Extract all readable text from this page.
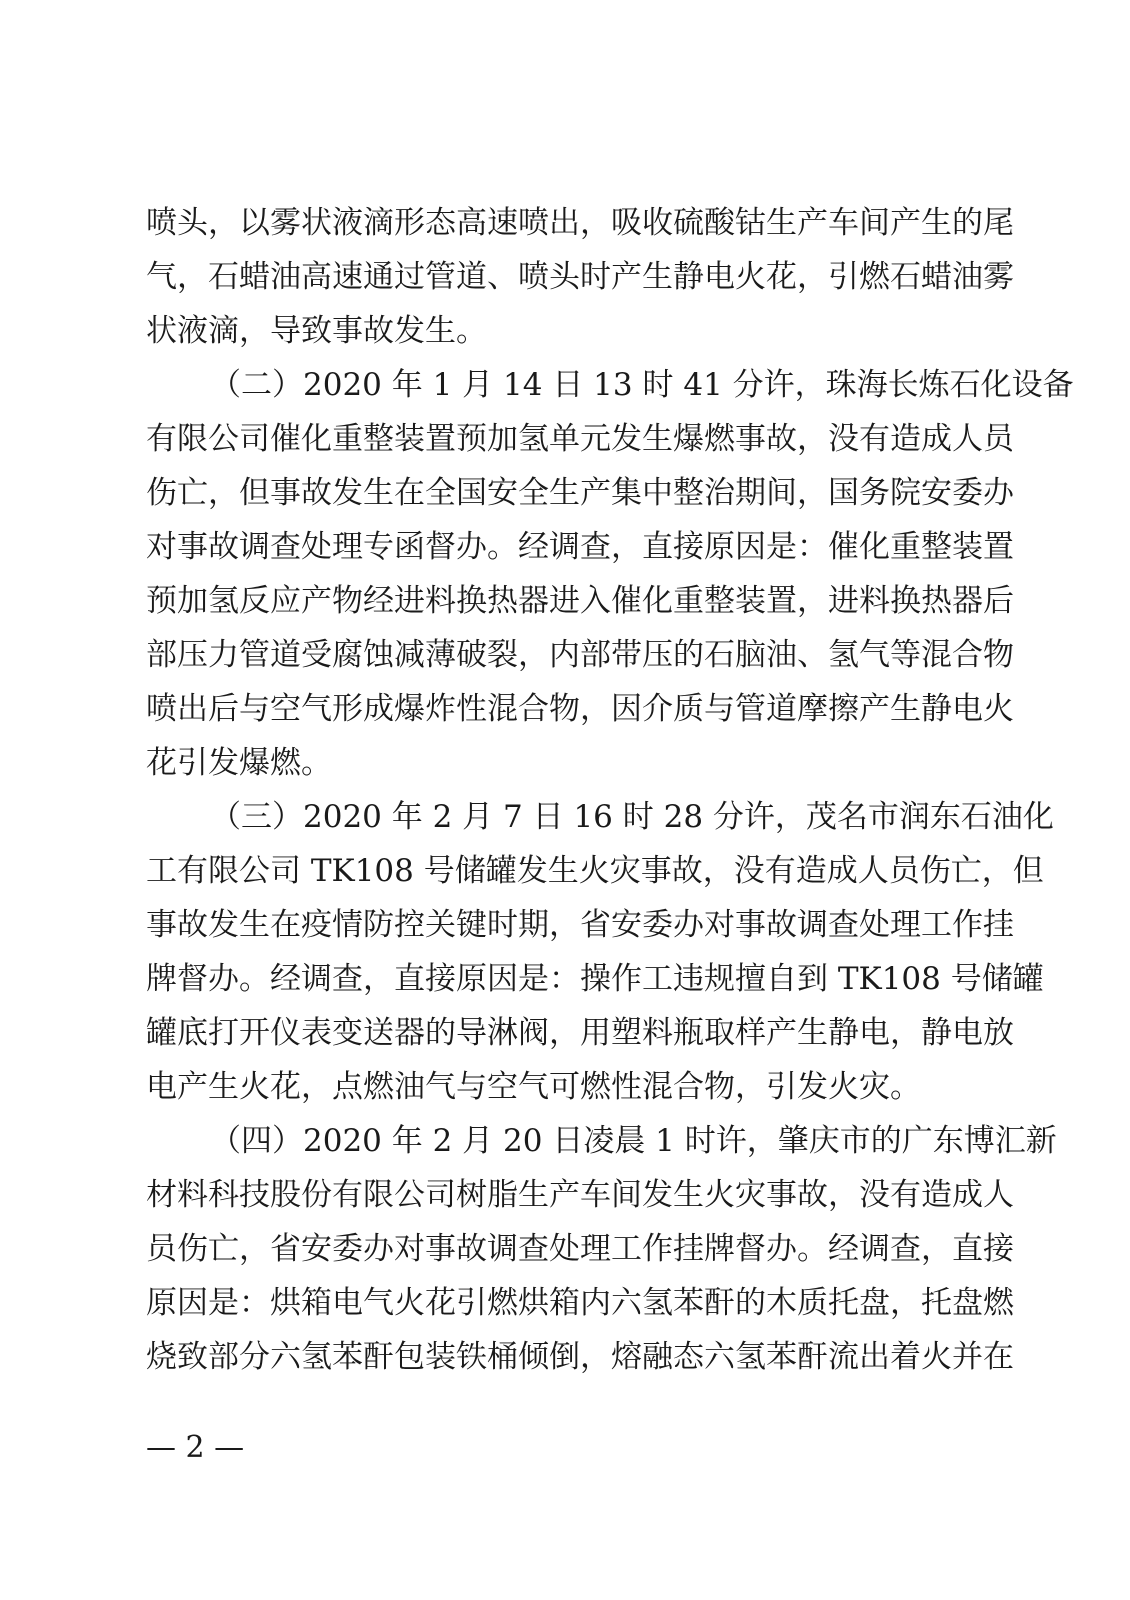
喷头，以雾状液滴形态高速喷出，吸收硫酸钴生产车间产生的尾
气，石蜡油高速通过管道、喷头时产生静电火花，引燃石蜡油雾
状液滴，导致事故发生。
（二）2020 年 1 月 14 日 13 时 41 分许，珠海长炼石化设备
有限公司催化重整装置预加氢单元发生爆燃事故，没有造成人员
伤亡，但事故发生在全国安全生产集中整治期间，国务院安委办
对事故调查处理专函督办。经调查，直接原因是：催化重整装置
预加氢反应产物经进料换热器进入催化重整装置，进料换热器后
部压力管道受腐蚀减薄破裂，内部带压的石脑油、氢气等混合物
喷出后与空气形成爆炸性混合物，因介质与管道摩擦产生静电火
花引发爆燃。
（三）2020 年 2 月 7 日 16 时 28 分许，茂名市润东石油化
工有限公司 TK108 号储罐发生火灾事故，没有造成人员伤亡，但
事故发生在疫情防控关键时期，省安委办对事故调查处理工作挂
牌督办。经调查，直接原因是：操作工违规擅自到 TK108 号储罐
罐底打开仪表变送器的导淋阀，用塑料瓶取样产生静电，静电放
电产生火花，点燃油气与空气可燃性混合物，引发火灾。
（四）2020 年 2 月 20 日凌晨 1 时许，肇庆市的广东博汇新
材料科技股份有限公司树脂生产车间发生火灾事故，没有造成人
员伤亡，省安委办对事故调查处理工作挂牌督办。经调查，直接
原因是：烘箱电气火花引燃烘箱内六氢苯酐的木质托盘，托盘燃
烧致部分六氢苯酐包装铁桶倾倒，熔融态六氢苯酐流出着火并在
— 2 —
